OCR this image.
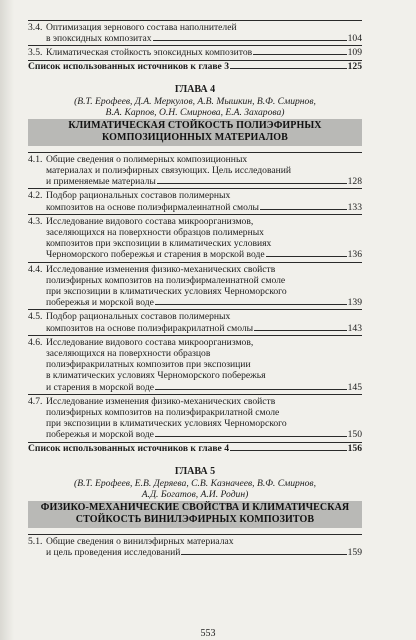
3.4. Оптимизация зернового состава наполнителей
в эпоксидных композитах	104
3.5. Климатическая стойкость эпоксидных композитов	109
Список использованных источников к главе 3	125
ГЛАВА 4
(В.Т. Ерофеев, Д.А. Меркулов, А.В. Мышкин, В.Ф. Смирнов,
В.А. Карпов, О.Н. Смирнова, Е.А. Захарова)
КЛИМАТИЧЕСКАЯ СТОЙКОСТЬ ПОЛИЭФИРНЫХ
КОМПОЗИЦИОННЫХ МАТЕРИАЛОВ
4.1. Общие сведения о полимерных композиционных
материалах и полиэфирных связующих. Цель исследований
и применяемые материалы	128
4.2. Подбор рациональных составов полимерных
композитов на основе полиэфирмалеинатной смолы	133
4.3. Исследование видового состава микроорганизмов,
заселяющихся на поверхности образцов полимерных
композитов при экспозиции в климатических условиях
Черноморского побережья и старения в морской воде	136
4.4. Исследование изменения физико-механических свойств
полиэфирных композитов на полиэфирмалеинатной смоле
при экспозиции в климатических условиях Черноморского
побережья и морской воде	139
4.5. Подбор рациональных составов полимерных
композитов на основе полиэфиракрилатной смолы	143
4.6. Исследование видового состава микроорганизмов,
заселяющихся на поверхности образцов
полиэфиракрилатных композитов при экспозиции
в климатических условиях Черноморского побережья
и старения в морской воде	145
4.7. Исследование изменения физико-механических свойств
полиэфирных композитов на полиэфиракрилатной смоле
при экспозиции в климатических условиях Черноморского
побережья и морской воде	150
Список использованных источников к главе 4	156
ГЛАВА 5
(В.Т. Ерофеев, Е.В. Деряева, С.В. Казначеев, В.Ф. Смирнов,
А.Д. Богатов, А.И. Родин)
ФИЗИКО-МЕХАНИЧЕСКИЕ СВОЙСТВА И КЛИМАТИЧЕСКАЯ
СТОЙКОСТЬ ВИНИЛЭФИРНЫХ КОМПОЗИТОВ
5.1. Общие сведения о винилэфирных материалах
и цель проведения исследований	159
553
